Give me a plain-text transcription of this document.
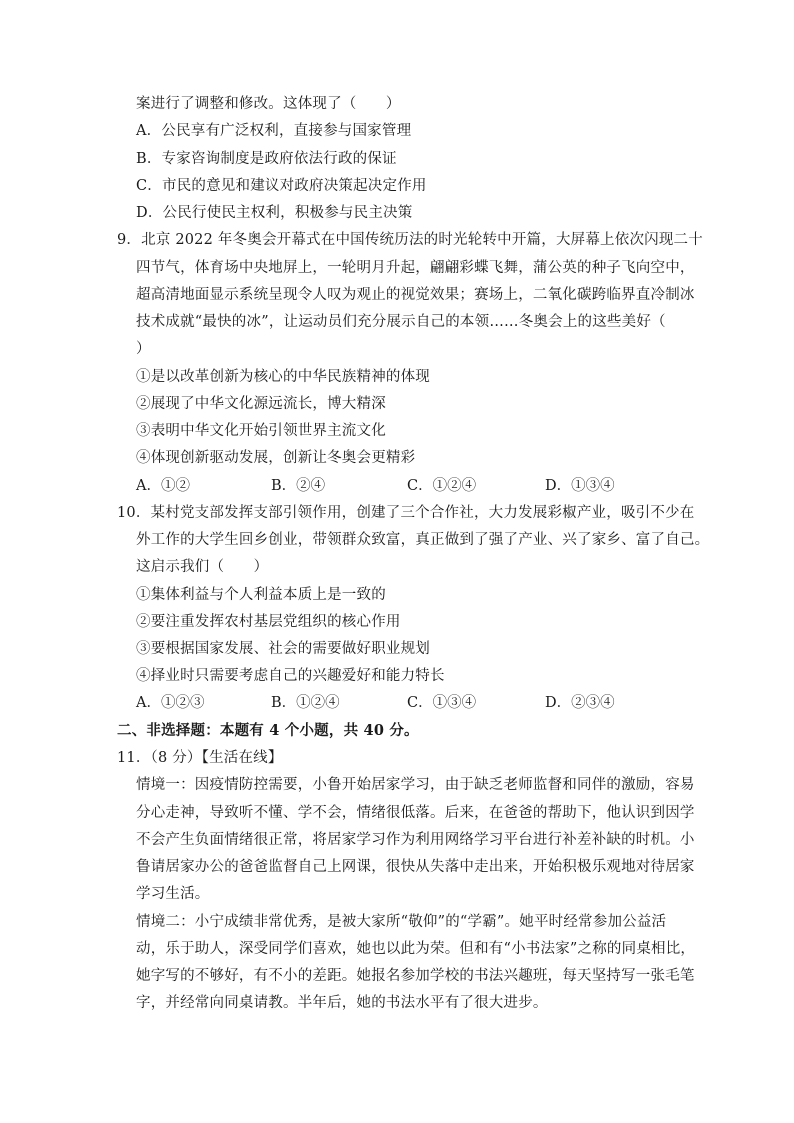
案进行了调整和修改。这体现了（　　）
A．公民享有广泛权利，直接参与国家管理
B．专家咨询制度是政府依法行政的保证
C．市民的意见和建议对政府决策起决定作用
D．公民行使民主权利，积极参与民主决策
9．北京 2022 年冬奥会开幕式在中国传统历法的时光轮转中开篇，大屏幕上依次闪现二十
四节气，体育场中央地屏上，一轮明月升起，翩翩彩蝶飞舞，蒲公英的种子飞向空中，
超高清地面显示系统呈现令人叹为观止的视觉效果；赛场上，二氧化碳跨临界直冷制冰
技术成就“最快的冰”，让运动员们充分展示自己的本领……冬奥会上的这些美好（
）
①是以改革创新为核心的中华民族精神的体现
②展现了中华文化源远流长，博大精深
③表明中华文化开始引领世界主流文化
④体现创新驱动发展，创新让冬奥会更精彩
A．①②	B．②④	C．①②④	D．①③④
10．某村党支部发挥支部引领作用，创建了三个合作社，大力发展彩椒产业，吸引不少在
外工作的大学生回乡创业，带领群众致富，真正做到了强了产业、兴了家乡、富了自己。
这启示我们（　　）
①集体利益与个人利益本质上是一致的
②要注重发挥农村基层党组织的核心作用
③要根据国家发展、社会的需要做好职业规划
④择业时只需要考虑自己的兴趣爱好和能力特长
A．①②③	B．①②④	C．①③④	D．②③④
二、非选择题：本题有 4 个小题，共 40 分。
11．（8 分）【生活在线】
情境一：因疫情防控需要，小鲁开始居家学习，由于缺乏老师监督和同伴的激励，容易
分心走神，导致听不懂、学不会，情绪很低落。后来，在爸爸的帮助下，他认识到因学
不会产生负面情绪很正常，将居家学习作为利用网络学习平台进行补差补缺的时机。小
鲁请居家办公的爸爸监督自己上网课，很快从失落中走出来，开始积极乐观地对待居家
学习生活。
情境二：小宁成绩非常优秀，是被大家所“敬仰”的“学霸”。她平时经常参加公益活
动，乐于助人，深受同学们喜欢，她也以此为荣。但和有“小书法家”之称的同桌相比，
她字写的不够好，有不小的差距。她报名参加学校的书法兴趣班，每天坚持写一张毛笔
字，并经常向同桌请教。半年后，她的书法水平有了很大进步。
